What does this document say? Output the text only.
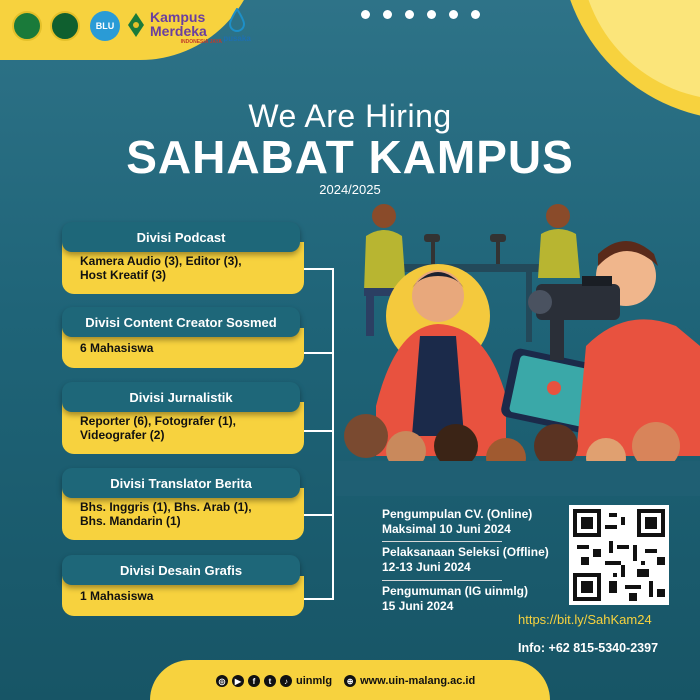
BLU
Kampus Merdeka
INDONESIA JAYA pusaka
We Are Hiring
SAHABAT KAMPUS
2024/2025
Kamera Audio (3), Editor (3),
Host Kreatif (3)
Divisi Podcast
6 Mahasiswa
Divisi Content Creator Sosmed
Reporter (6), Fotografer (1),
Videografer (2)
Divisi Jurnalistik
Bhs. Inggris (1), Bhs. Arab (1),
Bhs. Mandarin (1)
Divisi Translator Berita
1 Mahasiswa
Divisi Desain Grafis
Pengumpulan CV. (Online)
Maksimal 10 Juni 2024
Pelaksanaan Seleksi (Offline)
12-13 Juni 2024
Pengumuman (IG uinmlg)
15 Juni 2024
https://bit.ly/SahKam24
Info: +62 815-5340-2397
◎	▶	f	t	♪ uinmlg	⊕ www.uin-malang.ac.id
